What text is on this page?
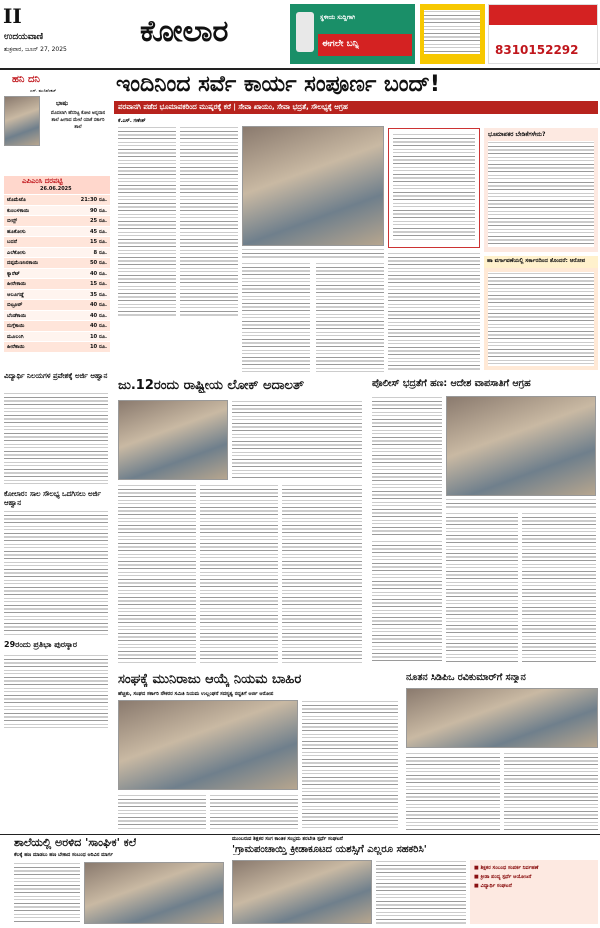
II
ಉದಯವಾಣಿ
ಶುಕ್ರವಾರ, ಜೂನ್ 27, 2025
ಕೋಲಾರ	ಸ್ಥಳೀಯ ಸುದ್ದಿಗಾಗಿ
ಈಗಲೇ ಬನ್ನಿ	8310152292
ಹನಿ ದನಿ
ಎನ್. ಮುನಿವೆಂಕಟ್
ಭಾಷು
ಮೊದಲಾಗಿ ಹೆಸರಿಟ್ಟ ಕೋಟಿ ಅನ್ನದಾನ ಶಾಲೆ ಹೀಗಾದ ಮೇಲೆ ಯಾಕೆ ಸರ್ಕಾರಿ ಶಾಲೆ
ಎಪಿಎಂಸಿ ದರಪಟ್ಟಿ
26.06.2025
ಟೊಮೆಟೊ	21:30 ರೂ.
ಕುಂಬಳಕಾಯಿ	90 ರೂ.
ಬೀನ್ಸ್	25 ರೂ.
ಹೂಕೋಸು	45 ರೂ.
ಬದನೆ	15 ರೂ.
ಎಲೆಕೋಸು	8 ರೂ.
ದಪ್ಪಮೆಣಸಿನಕಾಯಿ	50 ರೂ.
ಕ್ಯಾರೆಟ್	40 ರೂ.
ಹೀರೇಕಾಯಿ	15 ರೂ.
ಆಲೂಗಡ್ಡೆ	35 ರೂ.
ಬಿಟ್ರೂಟ್	40 ರೂ.
ಬೆಂಡೆಕಾಯಿ	40 ರೂ.
ನುಗ್ಗೆಕಾಯಿ	40 ರೂ.
ಮೂಲಂಗಿ	10 ರೂ.
ಹೀರೆಕಾಯಿ	10 ರೂ.
ಇಂದಿನಿಂದ ಸರ್ವೆ ಕಾರ್ಯ ಸಂಪೂರ್ಣ ಬಂದ್!
ಪರವಾನಗಿ ಪಡೆದ ಭೂಮಾಪಕರಿಂದ ಮುಷ್ಕರಕ್ಕೆ ಕರೆ | ಸೇವಾ ಖಾಯಂ, ಸೇವಾ ಭದ್ರತೆ, ಸೌಲಭ್ಯಕ್ಕೆ ಆಗ್ರಹ
ಕೆ.ಎಸ್. ಗಣೇಶ್
ಭೂಮಾಪಕರ ಬೇಡಿಕೆಗಳೇನು?
ಹಾ ವರ್ಗಾವಣೆಯಲ್ಲಿ ಸರ್ಕಾರದಿಂದ ತೊಂದರೆ: ಆರೋಪ
ವಿದ್ಯಾರ್ಥಿ ನಿಲಯಗಳ ಪ್ರವೇಶಕ್ಕೆ ಅರ್ಜಿ ಆಹ್ವಾನ
ಕೋಲಾರ: ಸಾಲ ಸೌಲಭ್ಯ ಒದಗಿಸಲು ಅರ್ಜಿ ಆಹ್ವಾನ
29ರಂದು ಪ್ರತಿಭಾ ಪುರಸ್ಕಾರ
ಜು.12ರಂದು ರಾಷ್ಟ್ರೀಯ ಲೋಕ್ ಅದಾಲತ್	ಪೊಲೀಸ್ ಭದ್ರತೆಗೆ ಹಣ: ಆದೇಶ ವಾಪಸಾತಿಗೆ ಆಗ್ರಹ
ಸಂಘಕ್ಕೆ ಮುನಿರಾಜು ಆಯ್ಕೆ ನಿಯಮ ಬಾಹಿರ
ಹೆಚ್ಚಿತು, ಸಂಘದ ಸರ್ಕಾರಿ ನೌಕರರ ಸಮಿತಿ ನಿಯಮ ಉಲ್ಲಂಘನೆ ಸದಸ್ಯತ್ವ ರದ್ದತಿಗೆ ಅರ್ಜಿ ಆರೋಪ
ನೂತನ ಸಿಡಿಪಿಒ ರವಿಕುಮಾರ್‌ಗೆ ಸನ್ಮಾನ
ಶಾಲೆಯಲ್ಲಿ ಅರಳಿದ 'ಸಾಂಘಿಕ' ಕಲೆ
ಕೆಲಕ್ಕೆ ಹಣ ಮಾಡಲು ಹಣ ಬೇಕಾದ ಸಂಬಂಧ ಅರಿವಿನ ಮಾರ್ಗ
ಮುಂಬರುವ ಶಿಕ್ಷಕರ ಸಂಗ ಕಾಂತಿಕ ಸಂಭ್ರಮ ತರಬೇತಿ ಸ್ಪರ್ಧೆ ಸಂಘಟನೆ
'ಗ್ರಾಮಪಂಚಾಯ್ತಿ ಕ್ರೀಡಾಕೂಟದ ಯಶಸ್ಸಿಗೆ ಎಲ್ಲರೂ ಸಹಕರಿಸಿ'
■ ಶಿಕ್ಷಕರ ಸಂಬಂಧ ಸಂಪರ್ಕ ನಿರ್ವಹಣೆ
■ ಕ್ರೀಡಾ ಪಂದ್ಯ ಸ್ಪರ್ಧೆ ಆಯೋಜನೆ
■ ವಿದ್ಯಾರ್ಥಿ ಸಂಘಟನೆ
